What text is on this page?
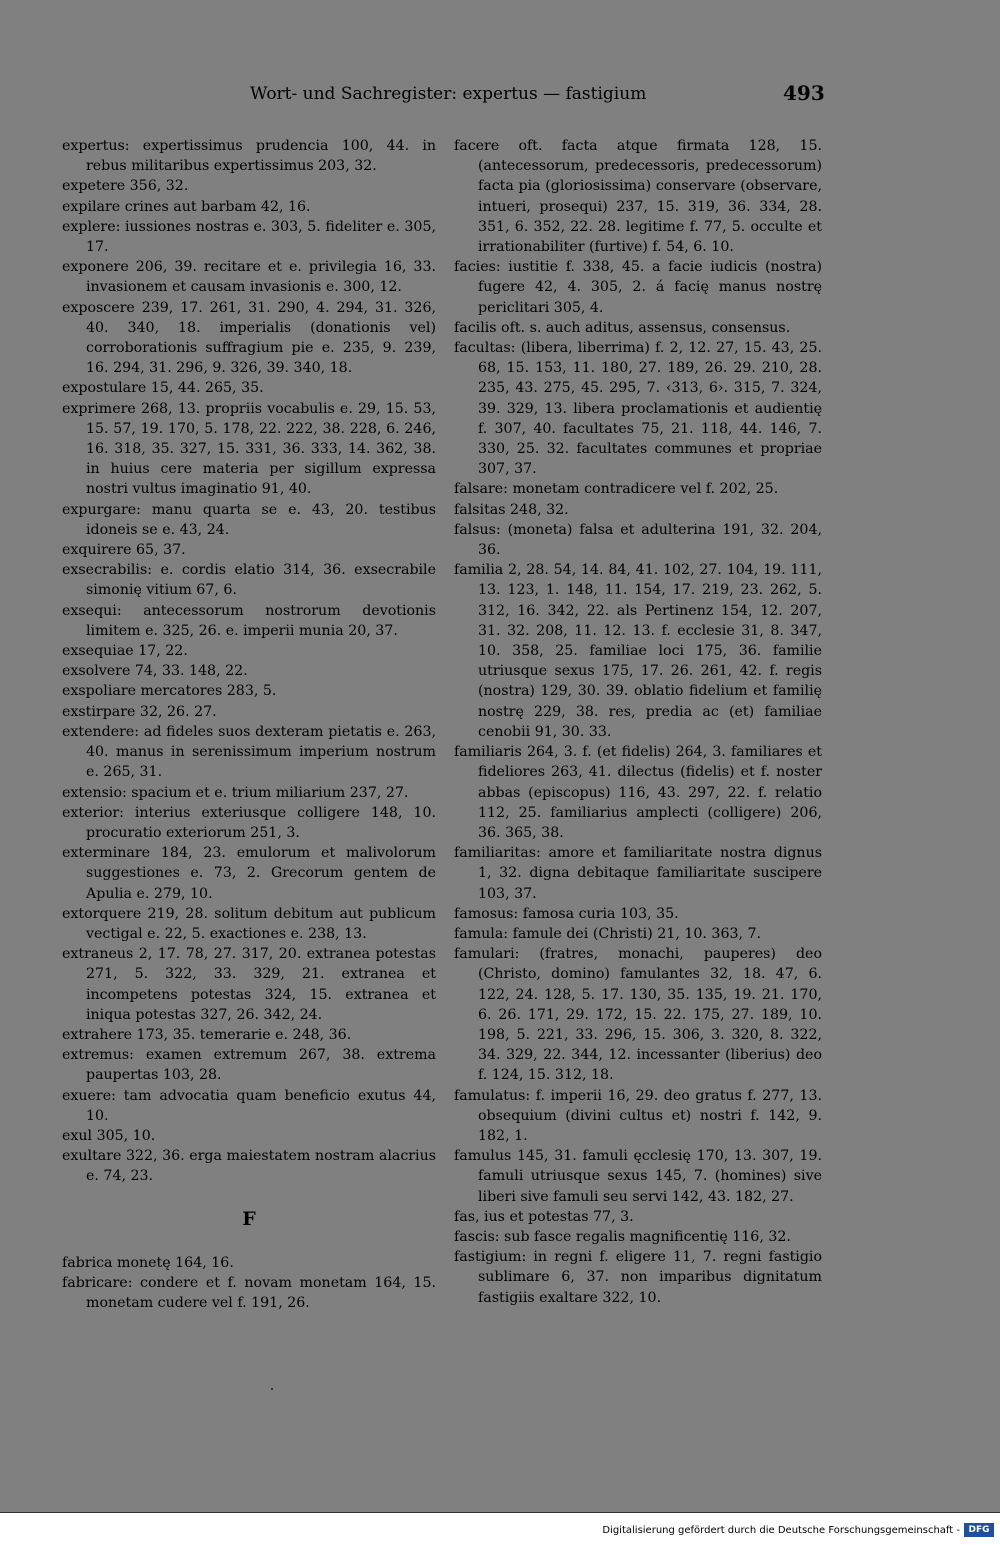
Wort- und Sachregister: expertus — fastigium	493

expertus: expertissimus prudencia 100, 44. in rebus militaribus expertissimus 203, 32.

expetere 356, 32.

expilare crines aut barbam 42, 16.

explere: iussiones nostras e. 303, 5. fideliter e. 305, 17.

exponere 206, 39. recitare et e. privilegia 16, 33. invasionem et causam invasionis e. 300, 12.

exposcere 239, 17. 261, 31. 290, 4. 294, 31. 326, 40. 340, 18. imperialis (donationis vel) corroborationis suffragium pie e. 235, 9. 239, 16. 294, 31. 296, 9. 326, 39. 340, 18.

expostulare 15, 44. 265, 35.

exprimere 268, 13. propriis vocabulis e. 29, 15. 53, 15. 57, 19. 170, 5. 178, 22. 222, 38. 228, 6. 246, 16. 318, 35. 327, 15. 331, 36. 333, 14. 362, 38. in huius cere materia per sigillum expressa nostri vultus imaginatio 91, 40.

expurgare: manu quarta se e. 43, 20. testibus idoneis se e. 43, 24.

exquirere 65, 37.

exsecrabilis: e. cordis elatio 314, 36. exsecrabile simonię vitium 67, 6.

exsequi: antecessorum nostrorum devotionis limitem e. 325, 26. e. imperii munia 20, 37.

exsequiae 17, 22.

exsolvere 74, 33. 148, 22.

exspoliare mercatores 283, 5.

exstirpare 32, 26. 27.

extendere: ad fideles suos dexteram pietatis e. 263, 40. manus in serenissimum imperium nostrum e. 265, 31.

extensio: spacium et e. trium miliarium 237, 27.

exterior: interius exteriusque colligere 148, 10. procuratio exteriorum 251, 3.

exterminare 184, 23. emulorum et malivolorum suggestiones e. 73, 2. Grecorum gentem de Apulia e. 279, 10.

extorquere 219, 28. solitum debitum aut publicum vectigal e. 22, 5. exactiones e. 238, 13.

extraneus 2, 17. 78, 27. 317, 20. extranea potestas 271, 5. 322, 33. 329, 21. extranea et incompetens potestas 324, 15. extranea et iniqua potestas 327, 26. 342, 24.

extrahere 173, 35. temerarie e. 248, 36.

extremus: examen extremum 267, 38. extrema paupertas 103, 28.

exuere: tam advocatia quam beneficio exutus 44, 10.

exul 305, 10.

exultare 322, 36. erga maiestatem nostram alacrius e. 74, 23.

F

fabrica monetę 164, 16.

fabricare: condere et f. novam monetam 164, 15. monetam cudere vel f. 191, 26.

facere oft. facta atque firmata 128, 15. (antecessorum, predecessoris, predecessorum) facta pia (gloriosissima) conservare (observare, intueri, prosequi) 237, 15. 319, 36. 334, 28. 351, 6. 352, 22. 28. legitime f. 77, 5. occulte et irrationabiliter (furtive) f. 54, 6. 10.

facies: iustitie f. 338, 45. a facie iudicis (nostra) fugere 42, 4. 305, 2. á facię manus nostrę periclitari 305, 4.

facilis oft. s. auch aditus, assensus, consensus.

facultas: (libera, liberrima) f. 2, 12. 27, 15. 43, 25. 68, 15. 153, 11. 180, 27. 189, 26. 29. 210, 28. 235, 43. 275, 45. 295, 7. ‹313, 6›. 315, 7. 324, 39. 329, 13. libera proclamationis et audientię f. 307, 40. facultates 75, 21. 118, 44. 146, 7. 330, 25. 32. facultates communes et propriae 307, 37.

falsare: monetam contradicere vel f. 202, 25.

falsitas 248, 32.

falsus: (moneta) falsa et adulterina 191, 32. 204, 36.

familia 2, 28. 54, 14. 84, 41. 102, 27. 104, 19. 111, 13. 123, 1. 148, 11. 154, 17. 219, 23. 262, 5. 312, 16. 342, 22. als Pertinenz 154, 12. 207, 31. 32. 208, 11. 12. 13. f. ecclesie 31, 8. 347, 10. 358, 25. familiae loci 175, 36. familie utriusque sexus 175, 17. 26. 261, 42. f. regis (nostra) 129, 30. 39. oblatio fidelium et familię nostrę 229, 38. res, predia ac (et) familiae cenobii 91, 30. 33.

familiaris 264, 3. f. (et fidelis) 264, 3. familiares et fideliores 263, 41. dilectus (fidelis) et f. noster abbas (episcopus) 116, 43. 297, 22. f. relatio 112, 25. familiarius amplecti (colligere) 206, 36. 365, 38.

familiaritas: amore et familiaritate nostra dignus 1, 32. digna debitaque familiaritate suscipere 103, 37.

famosus: famosa curia 103, 35.

famula: famule dei (Christi) 21, 10. 363, 7.

famulari: (fratres, monachi, pauperes) deo (Christo, domino) famulantes 32, 18. 47, 6. 122, 24. 128, 5. 17. 130, 35. 135, 19. 21. 170, 6. 26. 171, 29. 172, 15. 22. 175, 27. 189, 10. 198, 5. 221, 33. 296, 15. 306, 3. 320, 8. 322, 34. 329, 22. 344, 12. incessanter (liberius) deo f. 124, 15. 312, 18.

famulatus: f. imperii 16, 29. deo gratus f. 277, 13. obsequium (divini cultus et) nostri f. 142, 9. 182, 1.

famulus 145, 31. famuli ęcclesię 170, 13. 307, 19. famuli utriusque sexus 145, 7. (homines) sive liberi sive famuli seu servi 142, 43. 182, 27.

fas, ius et potestas 77, 3.

fascis: sub fasce regalis magnificentię 116, 32.

fastigium: in regni f. eligere 11, 7. regni fastigio sublimare 6, 37. non imparibus dignitatum fastigiis exaltare 322, 10.

Digitalisierung gefördert durch die Deutsche Forschungsgemeinschaft - DFG
